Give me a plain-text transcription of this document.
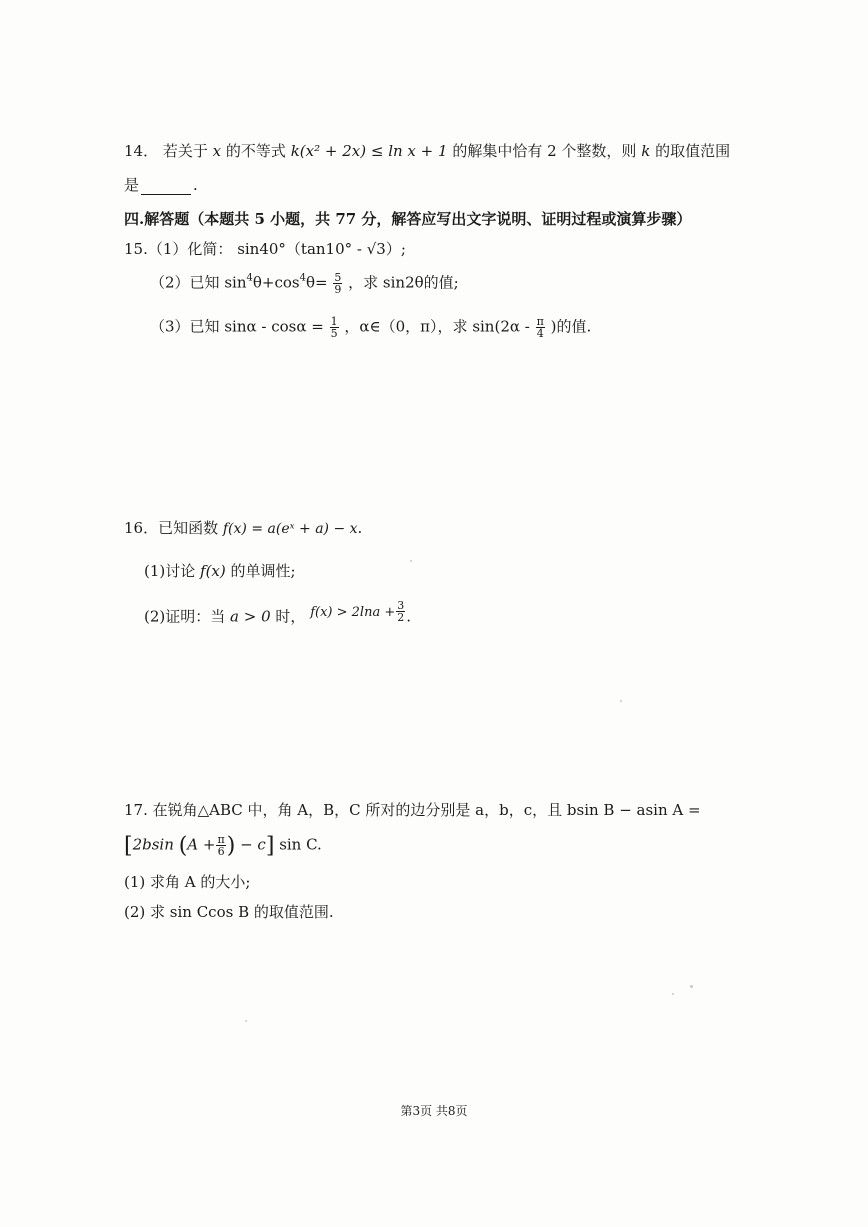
14． 若关于 x 的不等式 k(x² + 2x) ≤ ln x + 1 的解集中恰有 2 个整数，则 k 的取值范围
是	.
四.解答题（本题共 5 小题，共 77 分，解答应写出文字说明、证明过程或演算步骤）
15.（1）化简： sin40°（tan10° - √3）;
（2）已知 $\sin^4\theta+\cos^4\theta= \frac{5}{9}$ ，求 sin2θ的值;
（3）已知 $\sin\alpha - \cos\alpha = \frac{1}{5}$ ，α∈（0，π），求 $\sin(2\alpha - \frac{\pi}{4}$ )的值.
16．已知函数 f(x) = a(eˣ + a) − x.
(1)讨论 f(x) 的单调性;
(2)证明：当 a > 0 时， $f(x) > 2\ln a + \frac{3}{2}$ .
17. 在锐角△ABC 中，角 A，B，C 所对的边分别是 a，b，c，且 bsin B − asin A =
[2bsin ($A + \frac{\pi}{6}$ ) − c] sin C.
(1) 求角 A 的大小;
(2) 求 sin Ccos B 的取值范围.
第3页 共8页
